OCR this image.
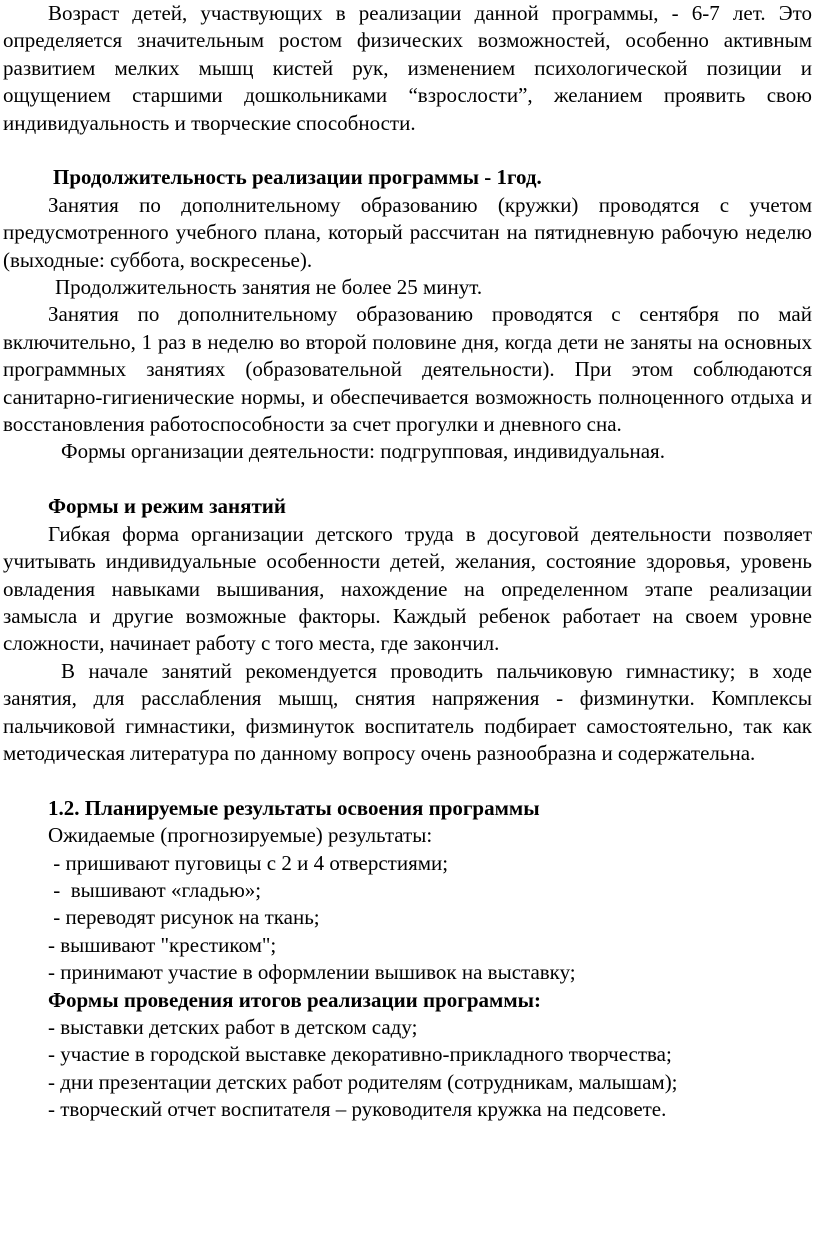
Возраст детей, участвующих в реализации данной программы, - 6-7 лет. Это определяется значительным ростом физических возможностей, особенно активным развитием мелких мышц кистей рук, изменением психологической позиции и ощущением старшими дошкольниками “взрослости”, желанием проявить свою индивидуальность и творческие способности.

Продолжительность реализации программы - 1год.

Занятия по дополнительному образованию (кружки) проводятся с учетом предусмотренного учебного плана, который рассчитан на пятидневную рабочую неделю (выходные: суббота, воскресенье).

Продолжительность занятия не более 25 минут.

Занятия по дополнительному образованию проводятся с сентября по май включительно, 1 раз в неделю во второй половине дня, когда дети не заняты на основных программных занятиях (образовательной деятельности). При этом соблюдаются санитарно-гигиенические нормы, и обеспечивается возможность полноценного отдыха и восстановления работоспособности за счет прогулки и дневного сна.

Формы организации деятельности: подгрупповая, индивидуальная.

Формы и режим занятий

Гибкая форма организации детского труда в досуговой деятельности позволяет учитывать индивидуальные особенности детей, желания, состояние здоровья, уровень овладения навыками вышивания, нахождение на определенном этапе реализации замысла и другие возможные факторы. Каждый ребенок работает на своем уровне сложности, начинает работу с того места, где закончил.

В начале занятий рекомендуется проводить пальчиковую гимнастику; в ходе занятия, для расслабления мышц, снятия напряжения - физминутки. Комплексы пальчиковой гимнастики, физминуток воспитатель подбирает самостоятельно, так как методическая литература по данному вопросу очень разнообразна и содержательна.

1.2. Планируемые результаты освоения программы

Ожидаемые (прогнозируемые) результаты:

- пришивают пуговицы с 2 и 4 отверстиями;

-  вышивают «гладью»;

- переводят рисунок на ткань;

- вышивают "крестиком";

- принимают участие в оформлении вышивок на выставку;

Формы проведения итогов реализации программы:

- выставки детских работ в детском саду;

- участие в городской выставке декоративно-прикладного творчества;

- дни презентации детских работ родителям (сотрудникам, малышам);

- творческий отчет воспитателя – руководителя кружка на педсовете.
